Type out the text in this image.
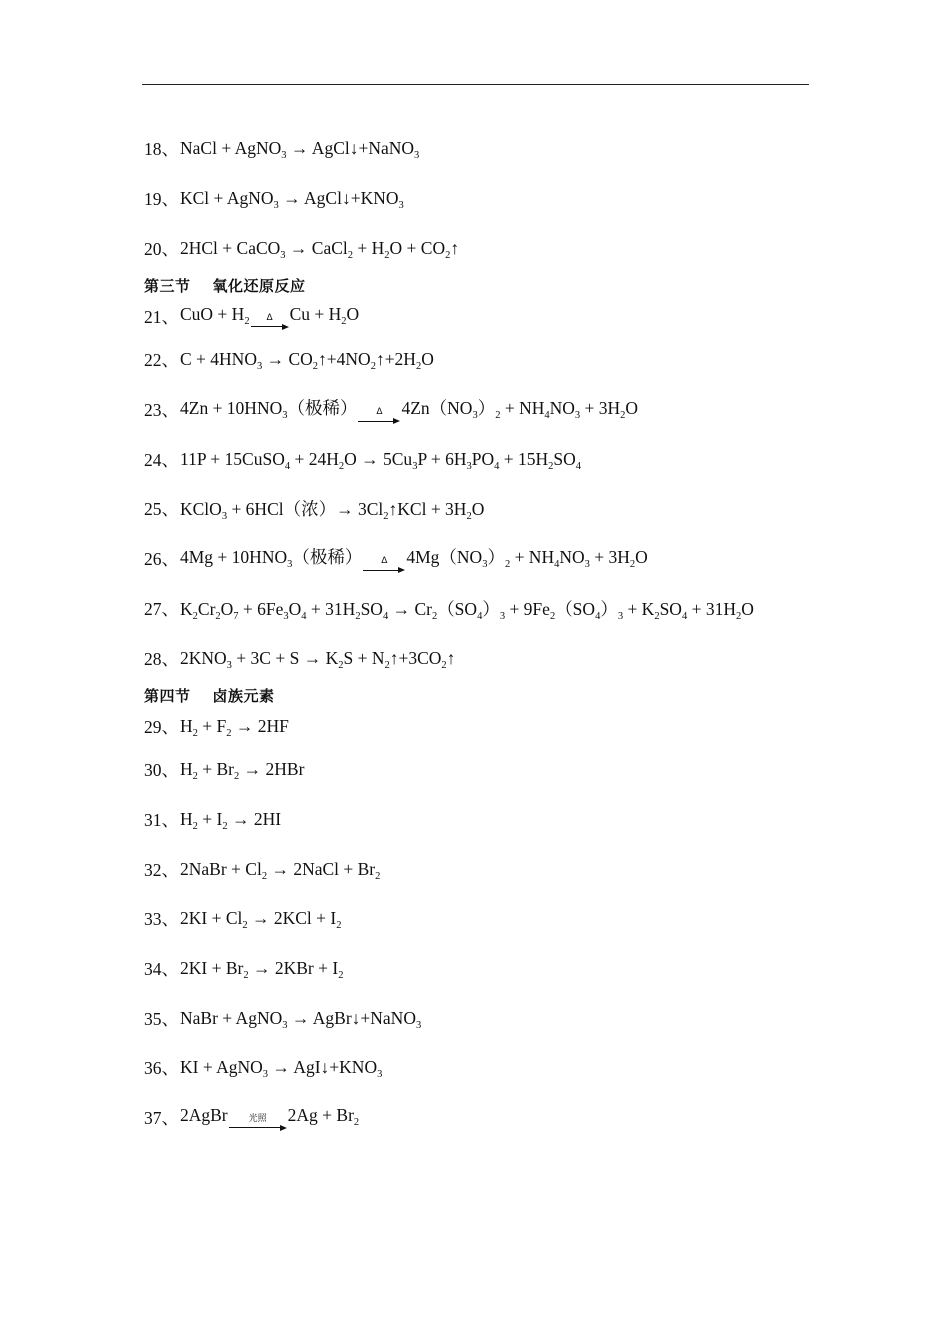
18、 NaCl + AgNO$_3$ → AgCl↓+NaNO$_3$
19、 KCl + AgNO$_3$ → $AgCl↓+KNO_3$
20、 2HCl + CaCO$_3$ → CaCl$_2$ + $H_2O$ + $CO_2↑$
第三节 氧化还原反应
21、 CuO + $H_2$ Δ $Cu + H_2O$
22、 $C + 4HNO_3$ → $CO_2↑+4NO_2↑+2H_2O$
23、 $4Zn + 10HNO_3$（极稀） Δ $4Zn(NO_3)_2 + NH_4NO_3 + 3H_2O$
24、 11P + 15CuSO$_4$ + $24H_2O \to 5Cu_3P + 6H_3PO_4 + 15H_2SO_4$
25、 KClO$_3$ + 6HCl（浓）→ $3Cl_2↑KCl + 3H_2O$
26、 $4Mg + 10HNO_3$（极稀） Δ $4Mg(NO_3)_2 + NH_4NO_3 + 3H_2O$
27、 $K_2Cr_2O_7 + 6Fe_3O_4 + 31H_2SO_4 \to Cr_2(SO_4)_3 + 9Fe_2(SO_4)_3 + K_2SO_4 + 31H_2O$
28、 $2KNO_3 + 3C + S \to K_2S$ + $N_2↑+3CO_2↑$
第四节 卤族元素
29、 $H_2 + F_2 \to 2HF$
30、 $H_2 + Br_2 \to 2HBr$
31、 $H_2 + I_2 \to 2HI$
32、 2NaBr + $Cl_2$ → 2NaCl + $Br_2$
33、 $2KI + Cl_2 \to 2KCl + I_2$
34、 $2KI + Br_2 \to 2KBr + I_2$
35、 NaBr + AgNO$_3$ → AgBr↓+NaNO$_3$
36、 KI + AgNO$_3$ → $AgI↓+KNO_3$
37、 2AgBr 光照 $2Ag + Br_2$
